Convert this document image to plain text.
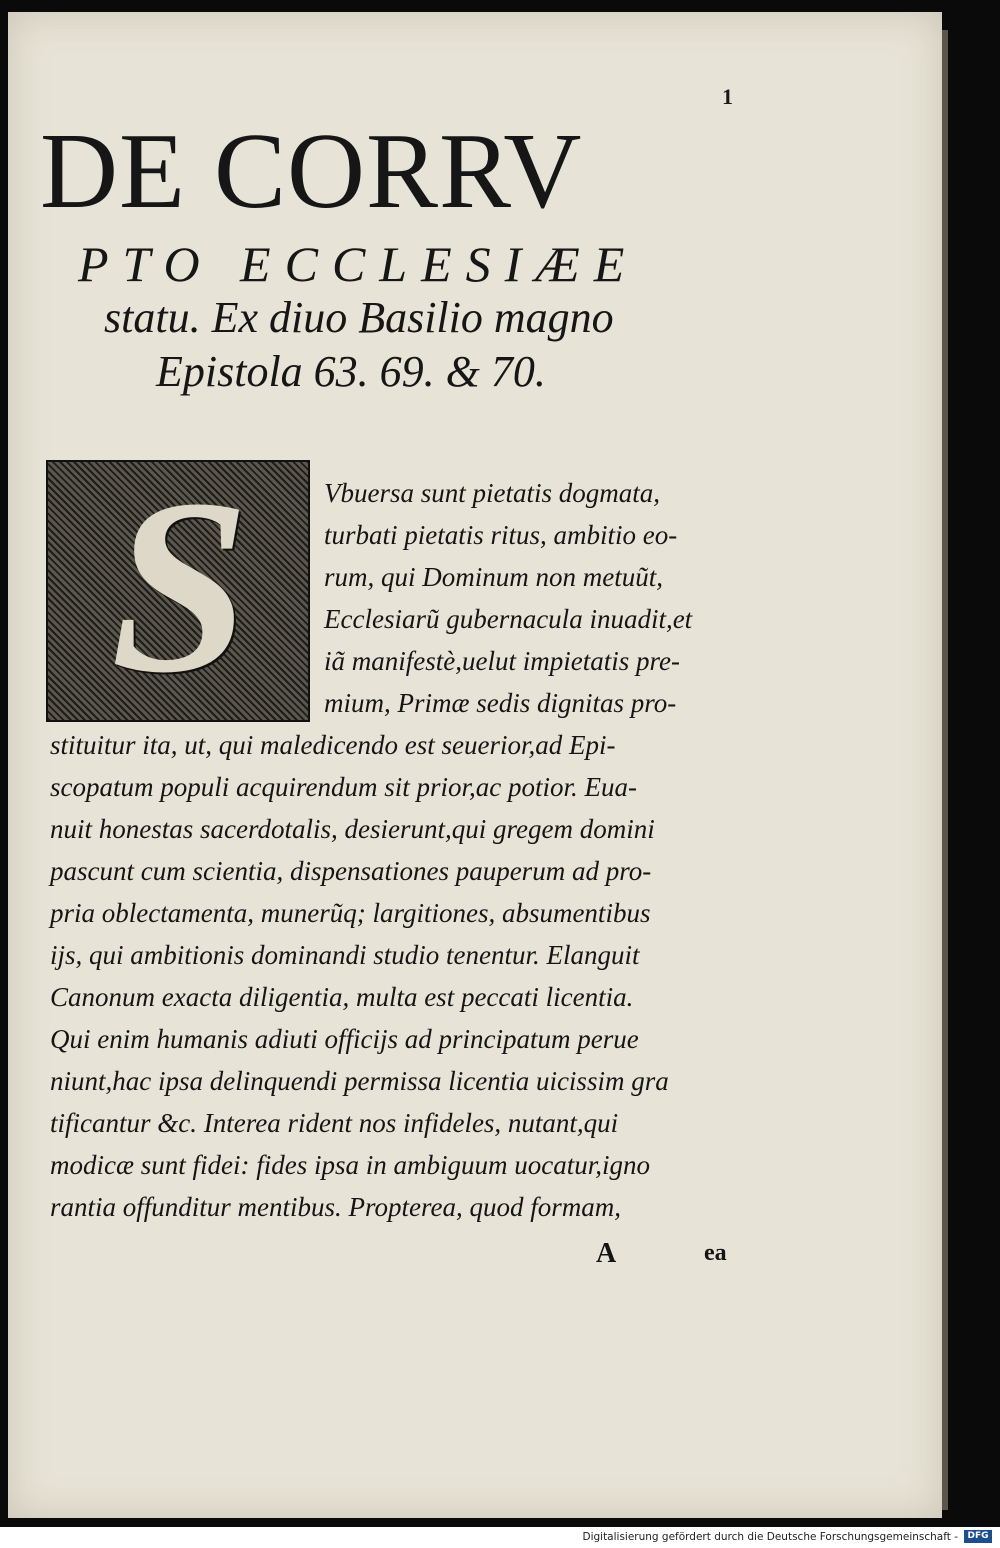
1
DE CORRV
PTO ECCLESIÆE
statu. Ex diuo Basilio magno
Epistola 63. 69. & 70.
S	Vbuersa sunt pietatis dogmata,
turbati pietatis ritus, ambitio eo-
rum, qui Dominum non metuũt,
Ecclesiarũ gubernacula inuadit,et
iã manifestè,uelut impietatis pre-
mium, Primæ sedis dignitas pro-
stituitur ita, ut, qui maledicendo est seuerior,ad Epi-
scopatum populi acquirendum sit prior,ac potior. Eua-
nuit honestas sacerdotalis, desierunt,qui gregem domini
pascunt cum scientia, dispensationes pauperum ad pro-
pria oblectamenta, munerũq; largitiones, absumentibus
ijs, qui ambitionis dominandi studio tenentur. Elanguit
Canonum exacta diligentia, multa est peccati licentia.
Qui enim humanis adiuti officijs ad principatum perue
niunt,hac ipsa delinquendi permissa licentia uicissim gra
tificantur &c. Interea rident nos infideles, nutant,qui
modicæ sunt fidei: fides ipsa in ambiguum uocatur,igno
rantia offunditur mentibus. Propterea, quod formam,
A	ea
Digitalisierung gefördert durch die Deutsche Forschungsgemeinschaft -	DFG
